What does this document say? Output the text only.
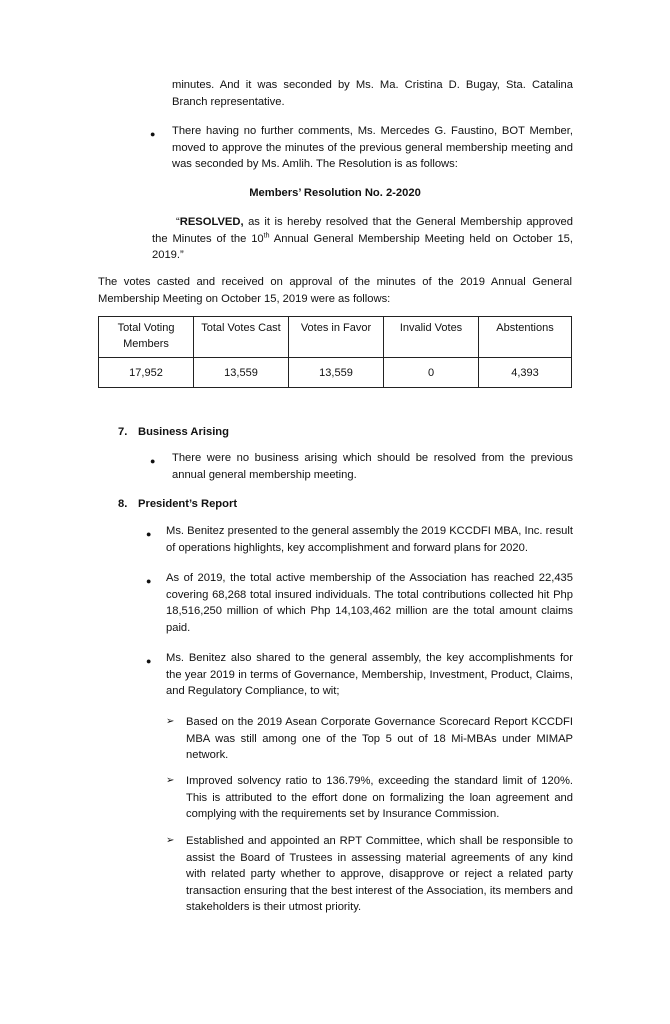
minutes. And it was seconded by Ms. Ma. Cristina D. Bugay, Sta. Catalina Branch representative.
● There having no further comments, Ms. Mercedes G. Faustino, BOT Member, moved to approve the minutes of the previous general membership meeting and was seconded by Ms. Amlih. The Resolution is as follows:
Members’ Resolution No. 2-2020
“RESOLVED, as it is hereby resolved that the General Membership approved the Minutes of the 10th Annual General Membership Meeting held on October 15, 2019.”
The votes casted and received on approval of the minutes of the 2019 Annual General Membership Meeting on October 15, 2019 were as follows:
Total Voting Members	Total Votes Cast	Votes in Favor	Invalid Votes	Abstentions
17,952	13,559	13,559	0	4,393
7. Business Arising
● There were no business arising which should be resolved from the previous annual general membership meeting.
8. President’s Report
● Ms. Benitez presented to the general assembly the 2019 KCCDFI MBA, Inc. result of operations highlights, key accomplishment and forward plans for 2020.
● As of 2019, the total active membership of the Association has reached 22,435 covering 68,268 total insured individuals. The total contributions collected hit Php 18,516,250 million of which Php 14,103,462 million are the total amount claims paid.
● Ms. Benitez also shared to the general assembly, the key accomplishments for the year 2019 in terms of Governance, Membership, Investment, Product, Claims, and Regulatory Compliance, to wit;
➢ Based on the 2019 Asean Corporate Governance Scorecard Report KCCDFI MBA was still among one of the Top 5 out of 18 Mi-MBAs under MIMAP network.
➢ Improved solvency ratio to 136.79%, exceeding the standard limit of 120%. This is attributed to the effort done on formalizing the loan agreement and complying with the requirements set by Insurance Commission.
➢ Established and appointed an RPT Committee, which shall be responsible to assist the Board of Trustees in assessing material agreements of any kind with related party whether to approve, disapprove or reject a related party transaction ensuring that the best interest of the Association, its members and stakeholders is their utmost priority.
